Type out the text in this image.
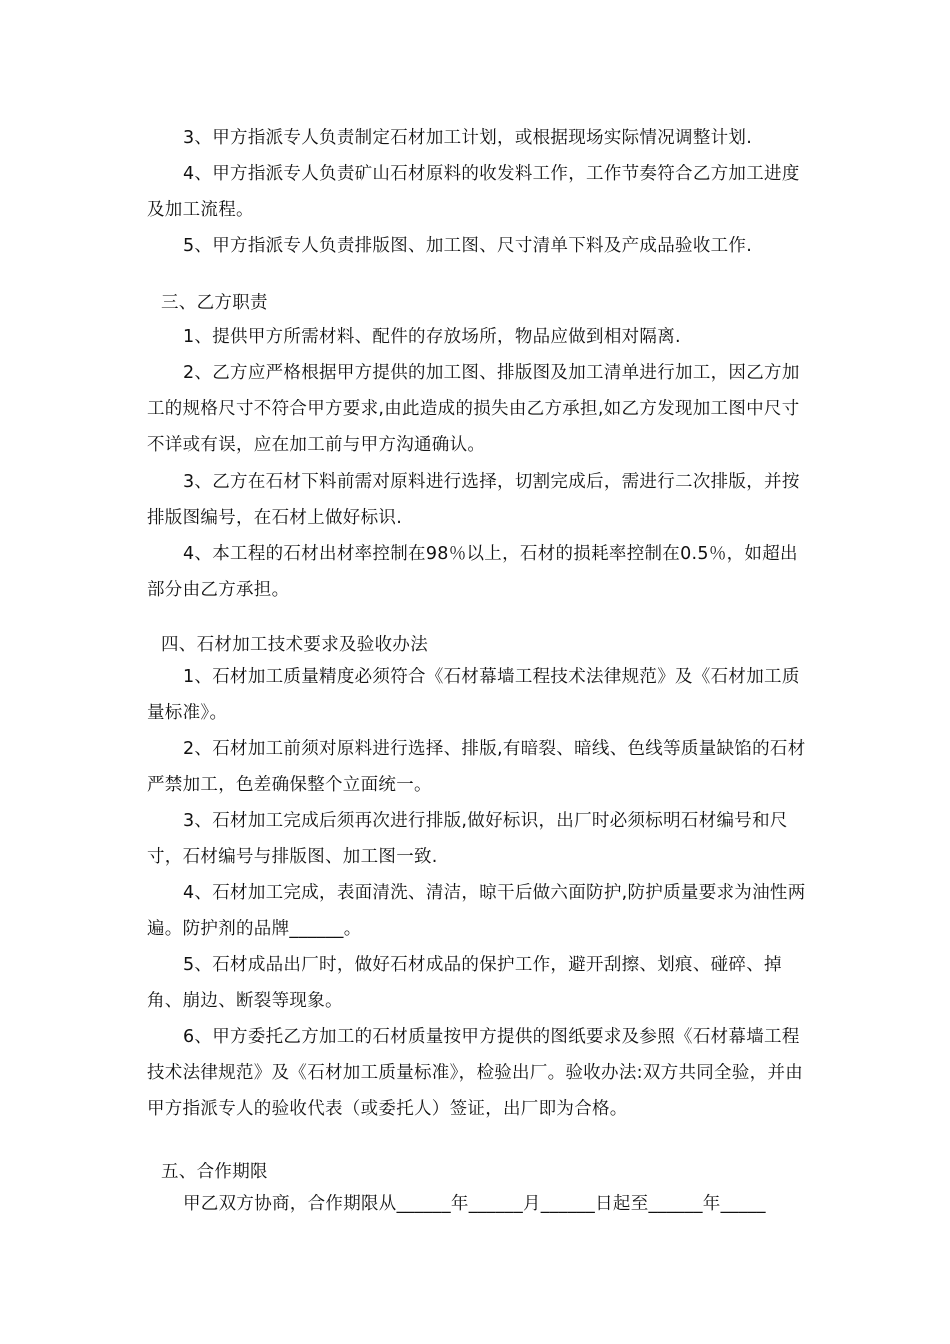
3、甲方指派专人负责制定石材加工计划，或根据现场实际情况调整计划.

4、甲方指派专人负责矿山石材原料的收发料工作，工作节奏符合乙方加工进度及加工流程。

5、甲方指派专人负责排版图、加工图、尺寸清单下料及产成品验收工作.

三、乙方职责

1、提供甲方所需材料、配件的存放场所，物品应做到相对隔离.

2、乙方应严格根据甲方提供的加工图、排版图及加工清单进行加工，因乙方加工的规格尺寸不符合甲方要求,由此造成的损失由乙方承担,如乙方发现加工图中尺寸不详或有误，应在加工前与甲方沟通确认。

3、乙方在石材下料前需对原料进行选择，切割完成后，需进行二次排版，并按排版图编号，在石材上做好标识.

4、本工程的石材出材率控制在98％以上，石材的损耗率控制在0.5％，如超出部分由乙方承担。

四、石材加工技术要求及验收办法

1、石材加工质量精度必须符合《石材幕墙工程技术法律规范》及《石材加工质量标准》。

2、石材加工前须对原料进行选择、排版,有暗裂、暗线、色线等质量缺馅的石材严禁加工，色差确保整个立面统一。

3、石材加工完成后须再次进行排版,做好标识，出厂时必须标明石材编号和尺寸，石材编号与排版图、加工图一致.

4、石材加工完成，表面清洗、清洁，晾干后做六面防护,防护质量要求为油性两遍。防护剂的品牌______。

5、石材成品出厂时，做好石材成品的保护工作，避开刮擦、划痕、碰碎、掉角、崩边、断裂等现象。

6、甲方委托乙方加工的石材质量按甲方提供的图纸要求及参照《石材幕墙工程技术法律规范》及《石材加工质量标准》，检验出厂。验收办法:双方共同全验，并由甲方指派专人的验收代表（或委托人）签证，出厂即为合格。

五、合作期限

甲乙双方协商，合作期限从______年______月______日起至______年_____
